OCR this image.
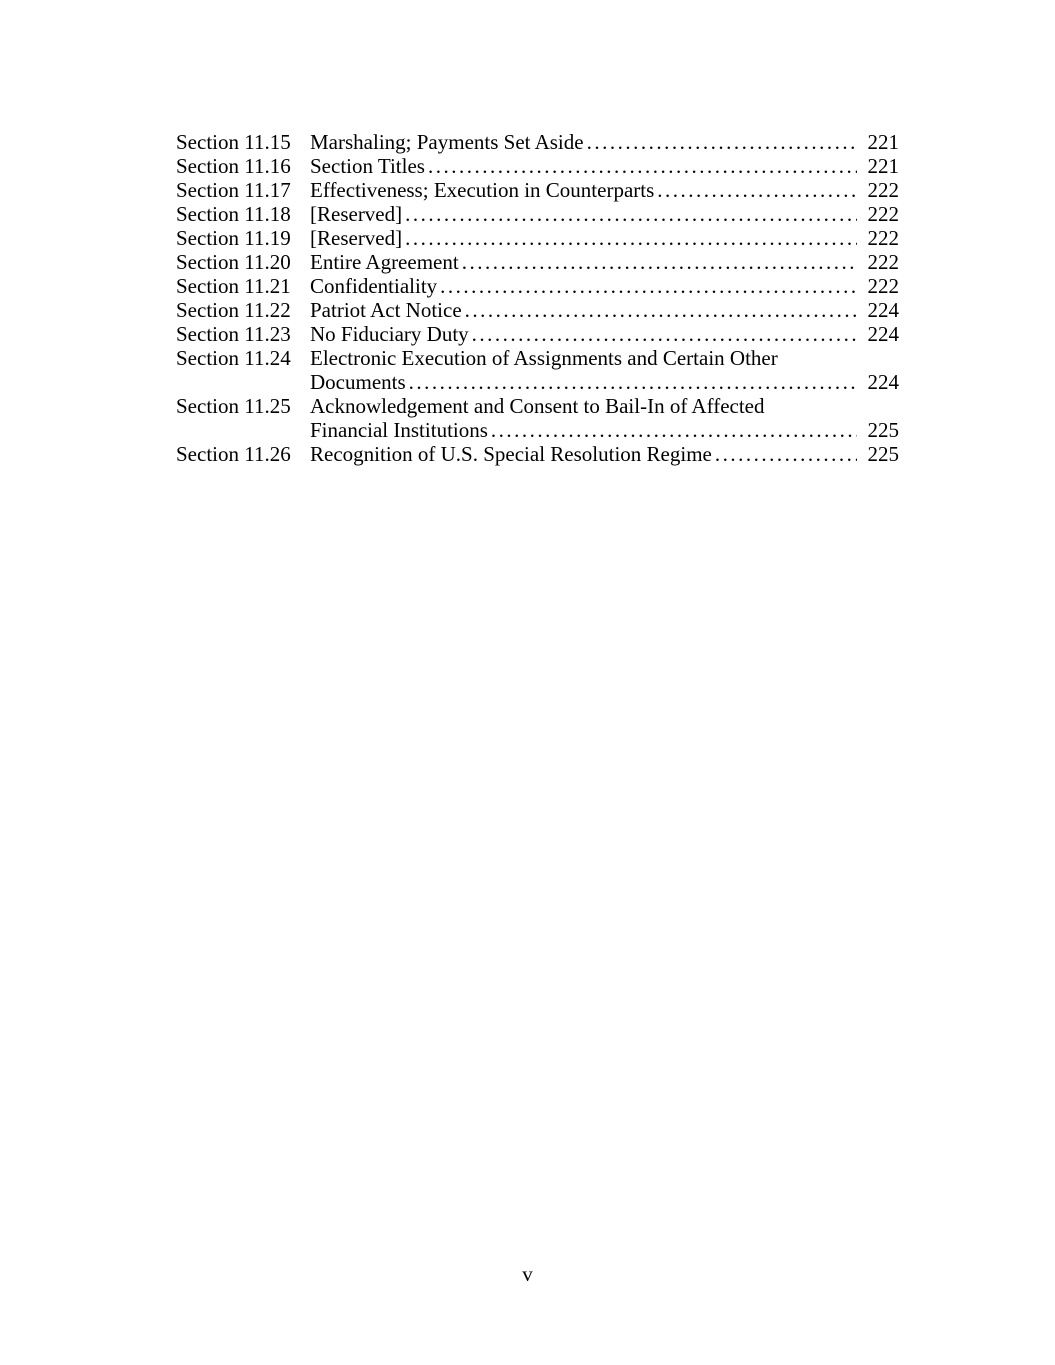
Section 11.15 Marshaling; Payments Set Aside .....	221
Section 11.16 Section Titles .....	221
Section 11.17 Effectiveness; Execution in Counterparts .....	222
Section 11.18 [Reserved] .....	222
Section 11.19 [Reserved] .....	222
Section 11.20 Entire Agreement .....	222
Section 11.21 Confidentiality .....	222
Section 11.22 Patriot Act Notice .....	224
Section 11.23 No Fiduciary Duty .....	224
Section 11.24 Electronic Execution of Assignments and Certain Other
Documents .....	224
Section 11.25 Acknowledgement and Consent to Bail-In of Affected
Financial Institutions .....	225
Section 11.26 Recognition of U.S. Special Resolution Regime .....	225
v
